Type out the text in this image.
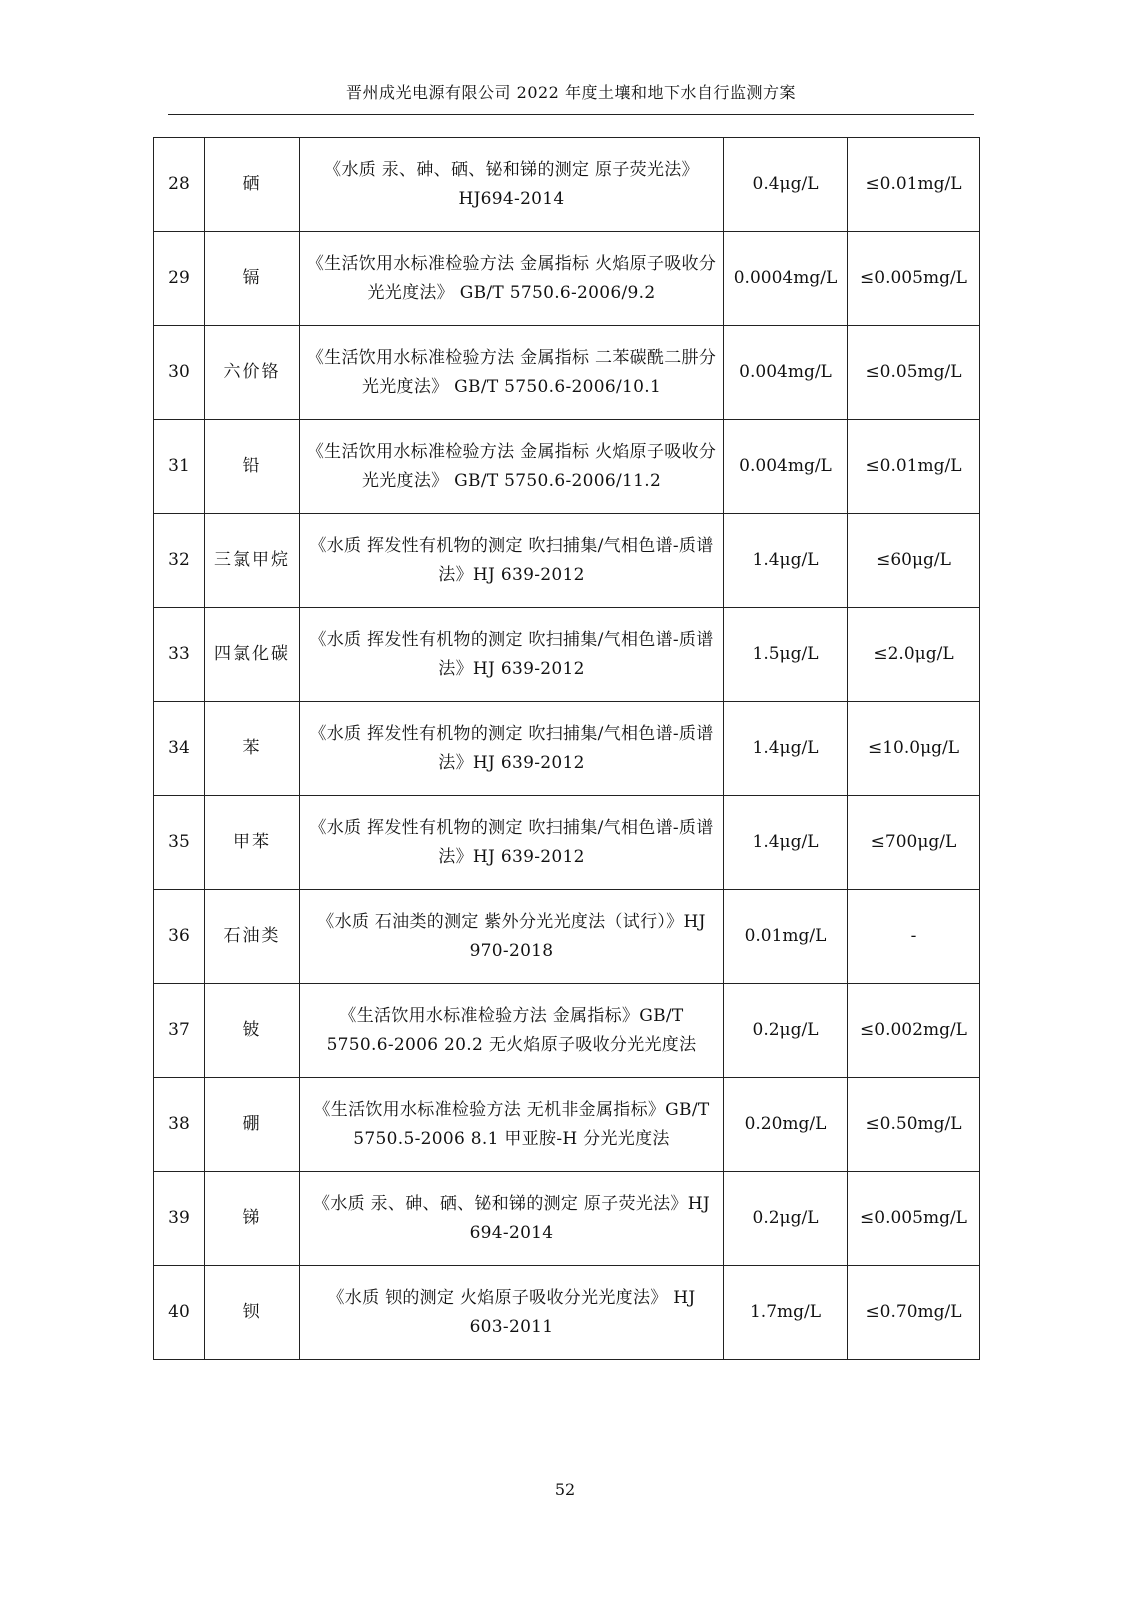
晋州成光电源有限公司 2022 年度土壤和地下水自行监测方案
28	硒	《水质 汞、砷、硒、铋和锑的测定 原子荧光法》HJ694-2014	0.4μg/L	≤0.01mg/L
29	镉	《生活饮用水标准检验方法 金属指标 火焰原子吸收分光光度法》 GB/T 5750.6-2006/9.2	0.0004mg/L	≤0.005mg/L
30	六价铬	《生活饮用水标准检验方法 金属指标 二苯碳酰二肼分光光度法》 GB/T 5750.6-2006/10.1	0.004mg/L	≤0.05mg/L
31	铅	《生活饮用水标准检验方法 金属指标 火焰原子吸收分光光度法》 GB/T 5750.6-2006/11.2	0.004mg/L	≤0.01mg/L
32	三氯甲烷	《水质 挥发性有机物的测定 吹扫捕集/气相色谱-质谱法》HJ 639-2012	1.4μg/L	≤60μg/L
33	四氯化碳	《水质 挥发性有机物的测定 吹扫捕集/气相色谱-质谱法》HJ 639-2012	1.5μg/L	≤2.0μg/L
34	苯	《水质 挥发性有机物的测定 吹扫捕集/气相色谱-质谱法》HJ 639-2012	1.4μg/L	≤10.0μg/L
35	甲苯	《水质 挥发性有机物的测定 吹扫捕集/气相色谱-质谱法》HJ 639-2012	1.4μg/L	≤700μg/L
36	石油类	《水质 石油类的测定 紫外分光光度法（试行）》HJ 970-2018	0.01mg/L	-
37	铍	《生活饮用水标准检验方法 金属指标》GB/T 5750.6-2006 20.2 无火焰原子吸收分光光度法	0.2μg/L	≤0.002mg/L
38	硼	《生活饮用水标准检验方法 无机非金属指标》GB/T 5750.5-2006 8.1 甲亚胺-H 分光光度法	0.20mg/L	≤0.50mg/L
39	锑	《水质 汞、砷、硒、铋和锑的测定 原子荧光法》HJ 694-2014	0.2μg/L	≤0.005mg/L
40	钡	《水质 钡的测定 火焰原子吸收分光光度法》 HJ 603-2011	1.7mg/L	≤0.70mg/L
52
